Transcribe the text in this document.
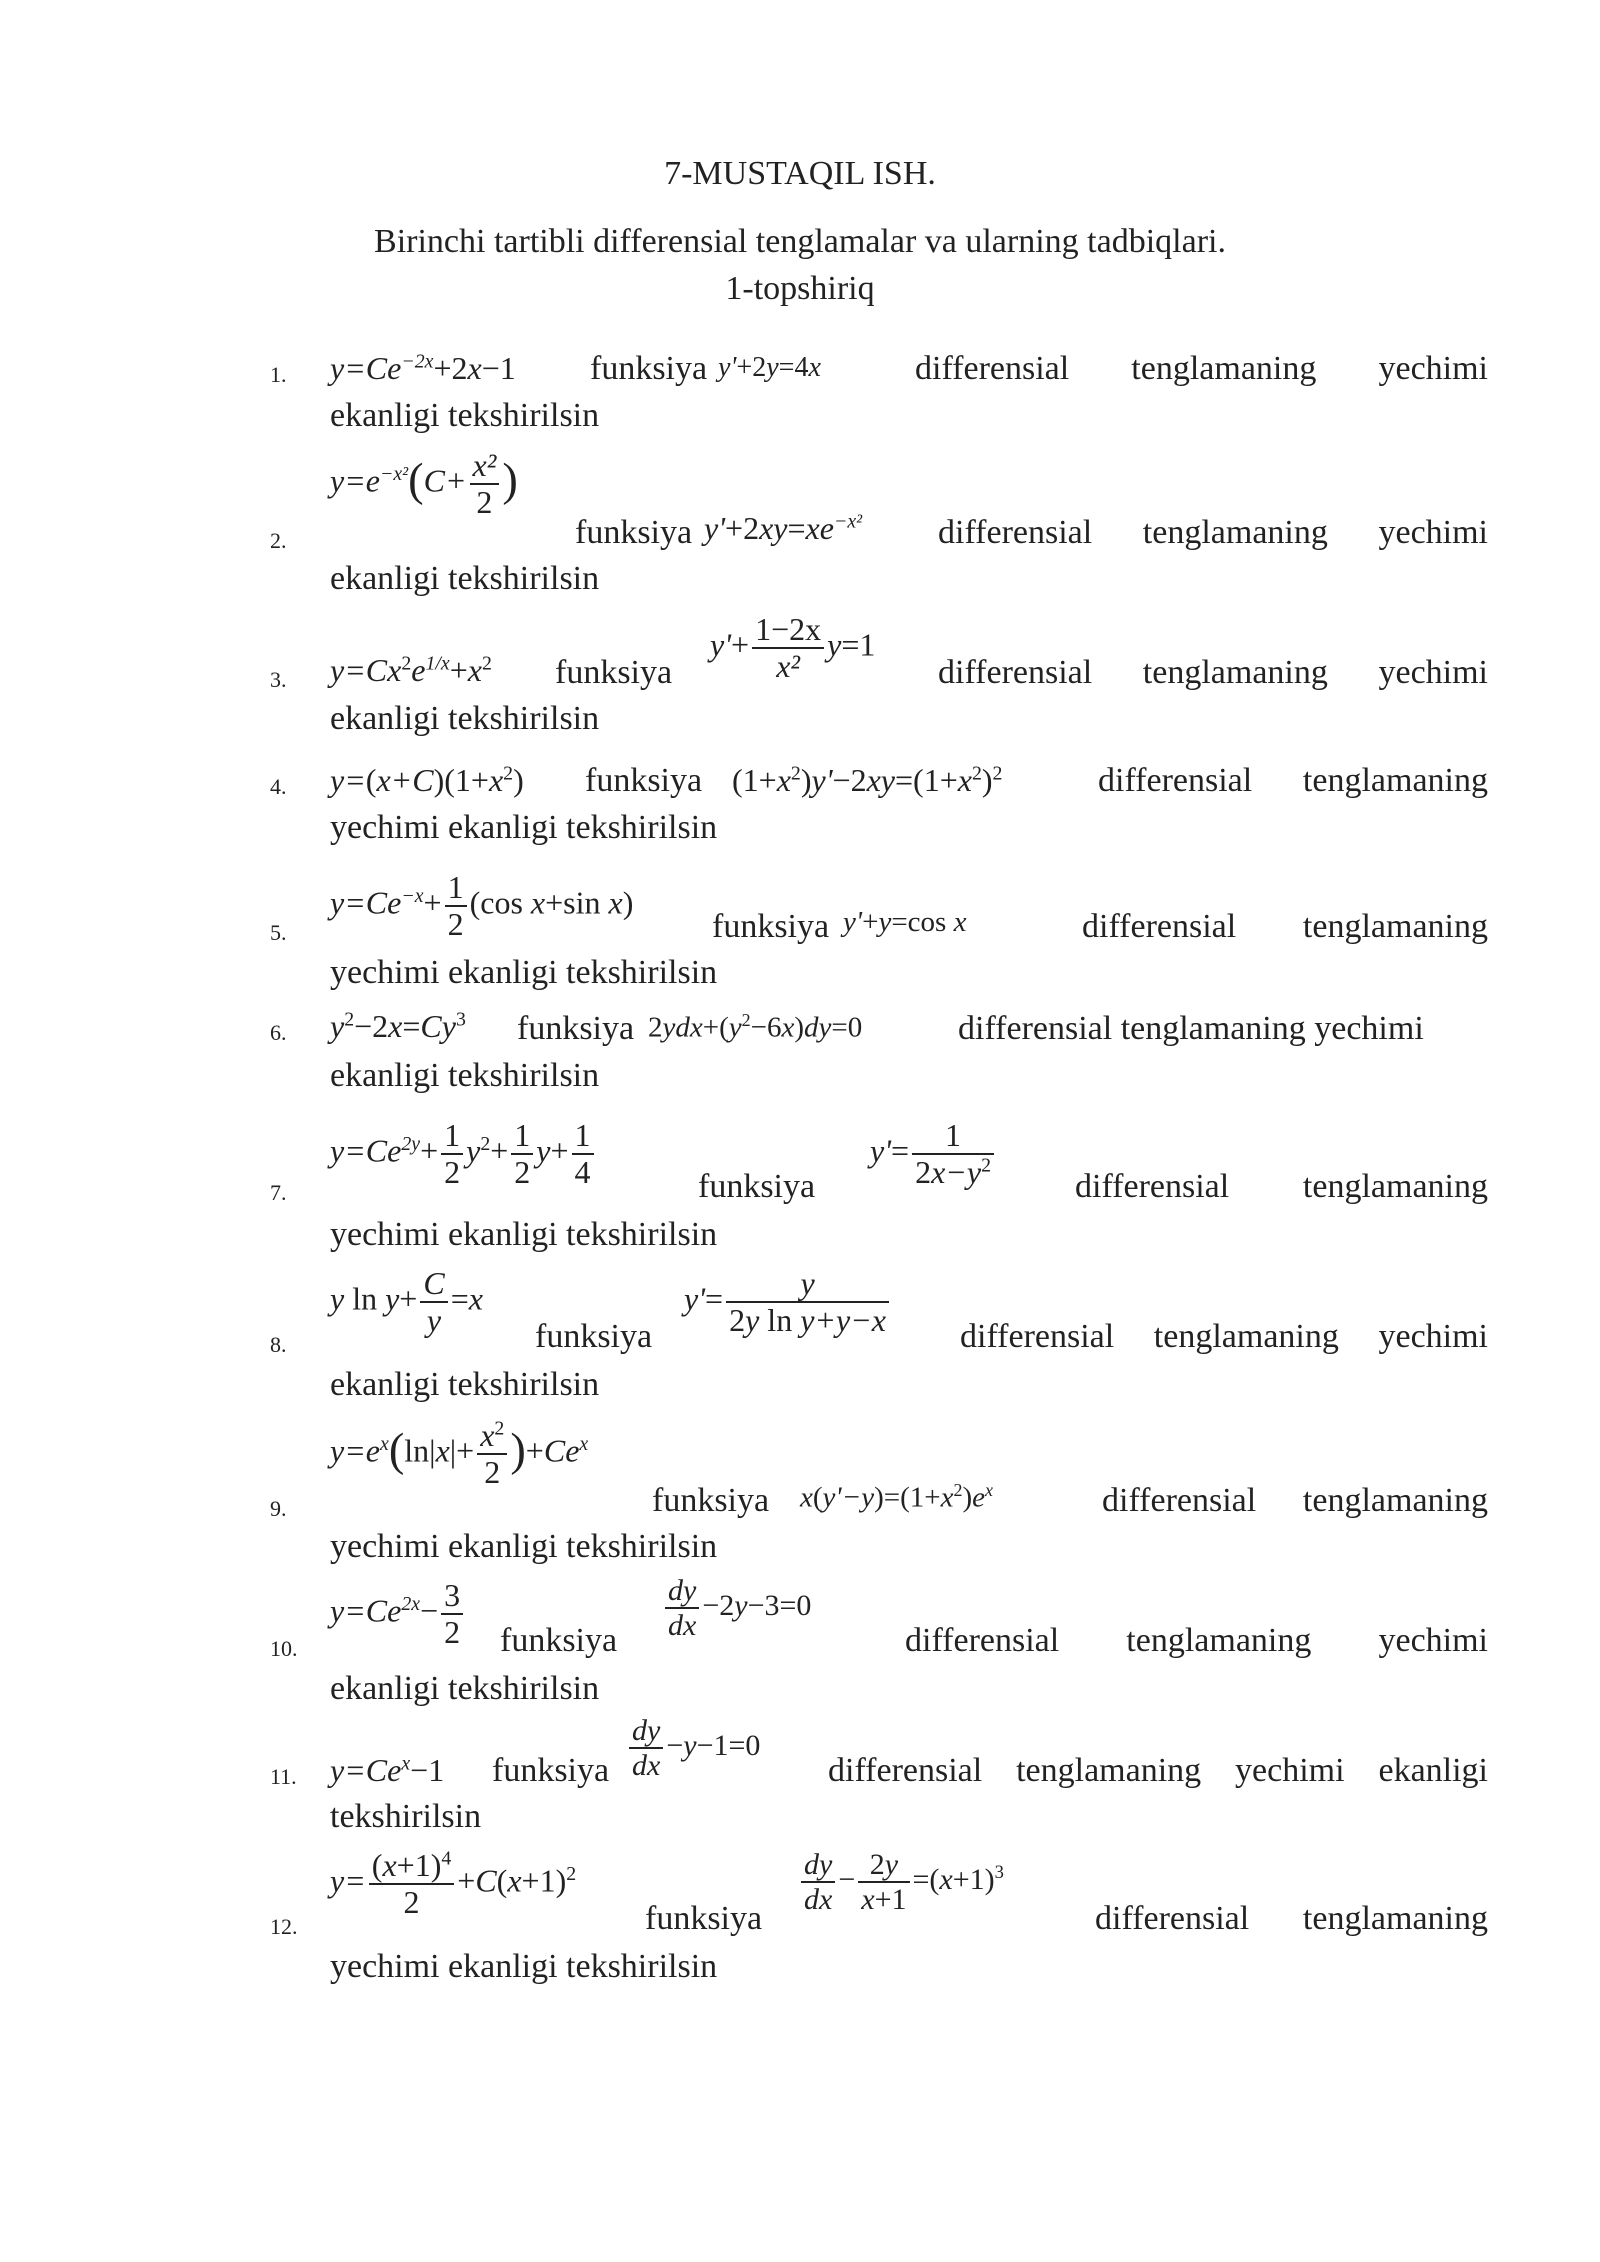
7-MUSTAQIL ISH.
Birinchi tartibli differensial tenglamalar va ularning tadbiqlari.
1-topshiriq
1. $y=Ce^{-2x}+2x-1$ funksiya y'+2y=4x	differensial tenglamaning yechimi
ekanligi tekshirilsin
2.
$y=e^{-x^2}(C+ \frac{\text{x²}}{2}$ )
funksiya $y'+2xy=xe^{-x^2}$ differensial tenglamaning yechimi
ekanligi tekshirilsin
3. $y=Cx^2e^{1/x}+x^2$ funksiya
$y'+ \frac{1-2x}{\text{x²}} y=1$
differensial tenglamaning yechimi
ekanligi tekshirilsin
4. $y=(x+C)(1+x^2)$ funksiya $(1+x^2)y'-2xy=(1+x^2)^2$	differensial tenglamaning
yechimi ekanligi tekshirilsin
5.
$y=Ce^{-x}+ \frac{1}{2} (\cos$ x+sin x)
funksiya y'+y=cos x	differensial tenglamaning
yechimi ekanligi tekshirilsin
6. $y^2-2x=Cy^3$ funksiya $2ydx+(y^2-6x)dy=0$	differensial tenglamaning yechimi
ekanligi tekshirilsin
7.
$y=Ce^{2y}+ \frac{1}{2} y^2+ \frac{1}{2} y+ \frac{1}{4}$	funksiya
$y'= \frac{1}{2x-y^2}$ differensial tenglamaning
yechimi ekanligi tekshirilsin
8.
y $\ln y+ \frac{C}{y} =x$
funksiya
$y'= \frac{y}{\text{2y ln y+y−x}}$ differensial tenglamaning yechimi
ekanligi tekshirilsin
9.
$y=e^x(\ln|x|+ \frac{x^2}{2} )+Ce^x$
funksiya $x(y'-y)=(1+x^2)e^x$	differensial tenglamaning
yechimi ekanligi tekshirilsin
10.
$y=Ce^{2x}- \frac{3}{2}$ funksiya $\frac{dy}{dx} -2y-3=0$
differensial tenglamaning yechimi
ekanligi tekshirilsin
11. $y=Ce^x-1$ funksiya $\frac{dy}{dx} -y-1=0$
differensial tenglamaning yechimi ekanligi
tekshirilsin
12.
$y= \frac{(x+1)^4}{2} +C(x+1)^2$
funksiya
$\frac{dy}{dx} - \frac{2y}{x+1} =(x+1)^3$
differensial tenglamaning
yechimi ekanligi tekshirilsin
